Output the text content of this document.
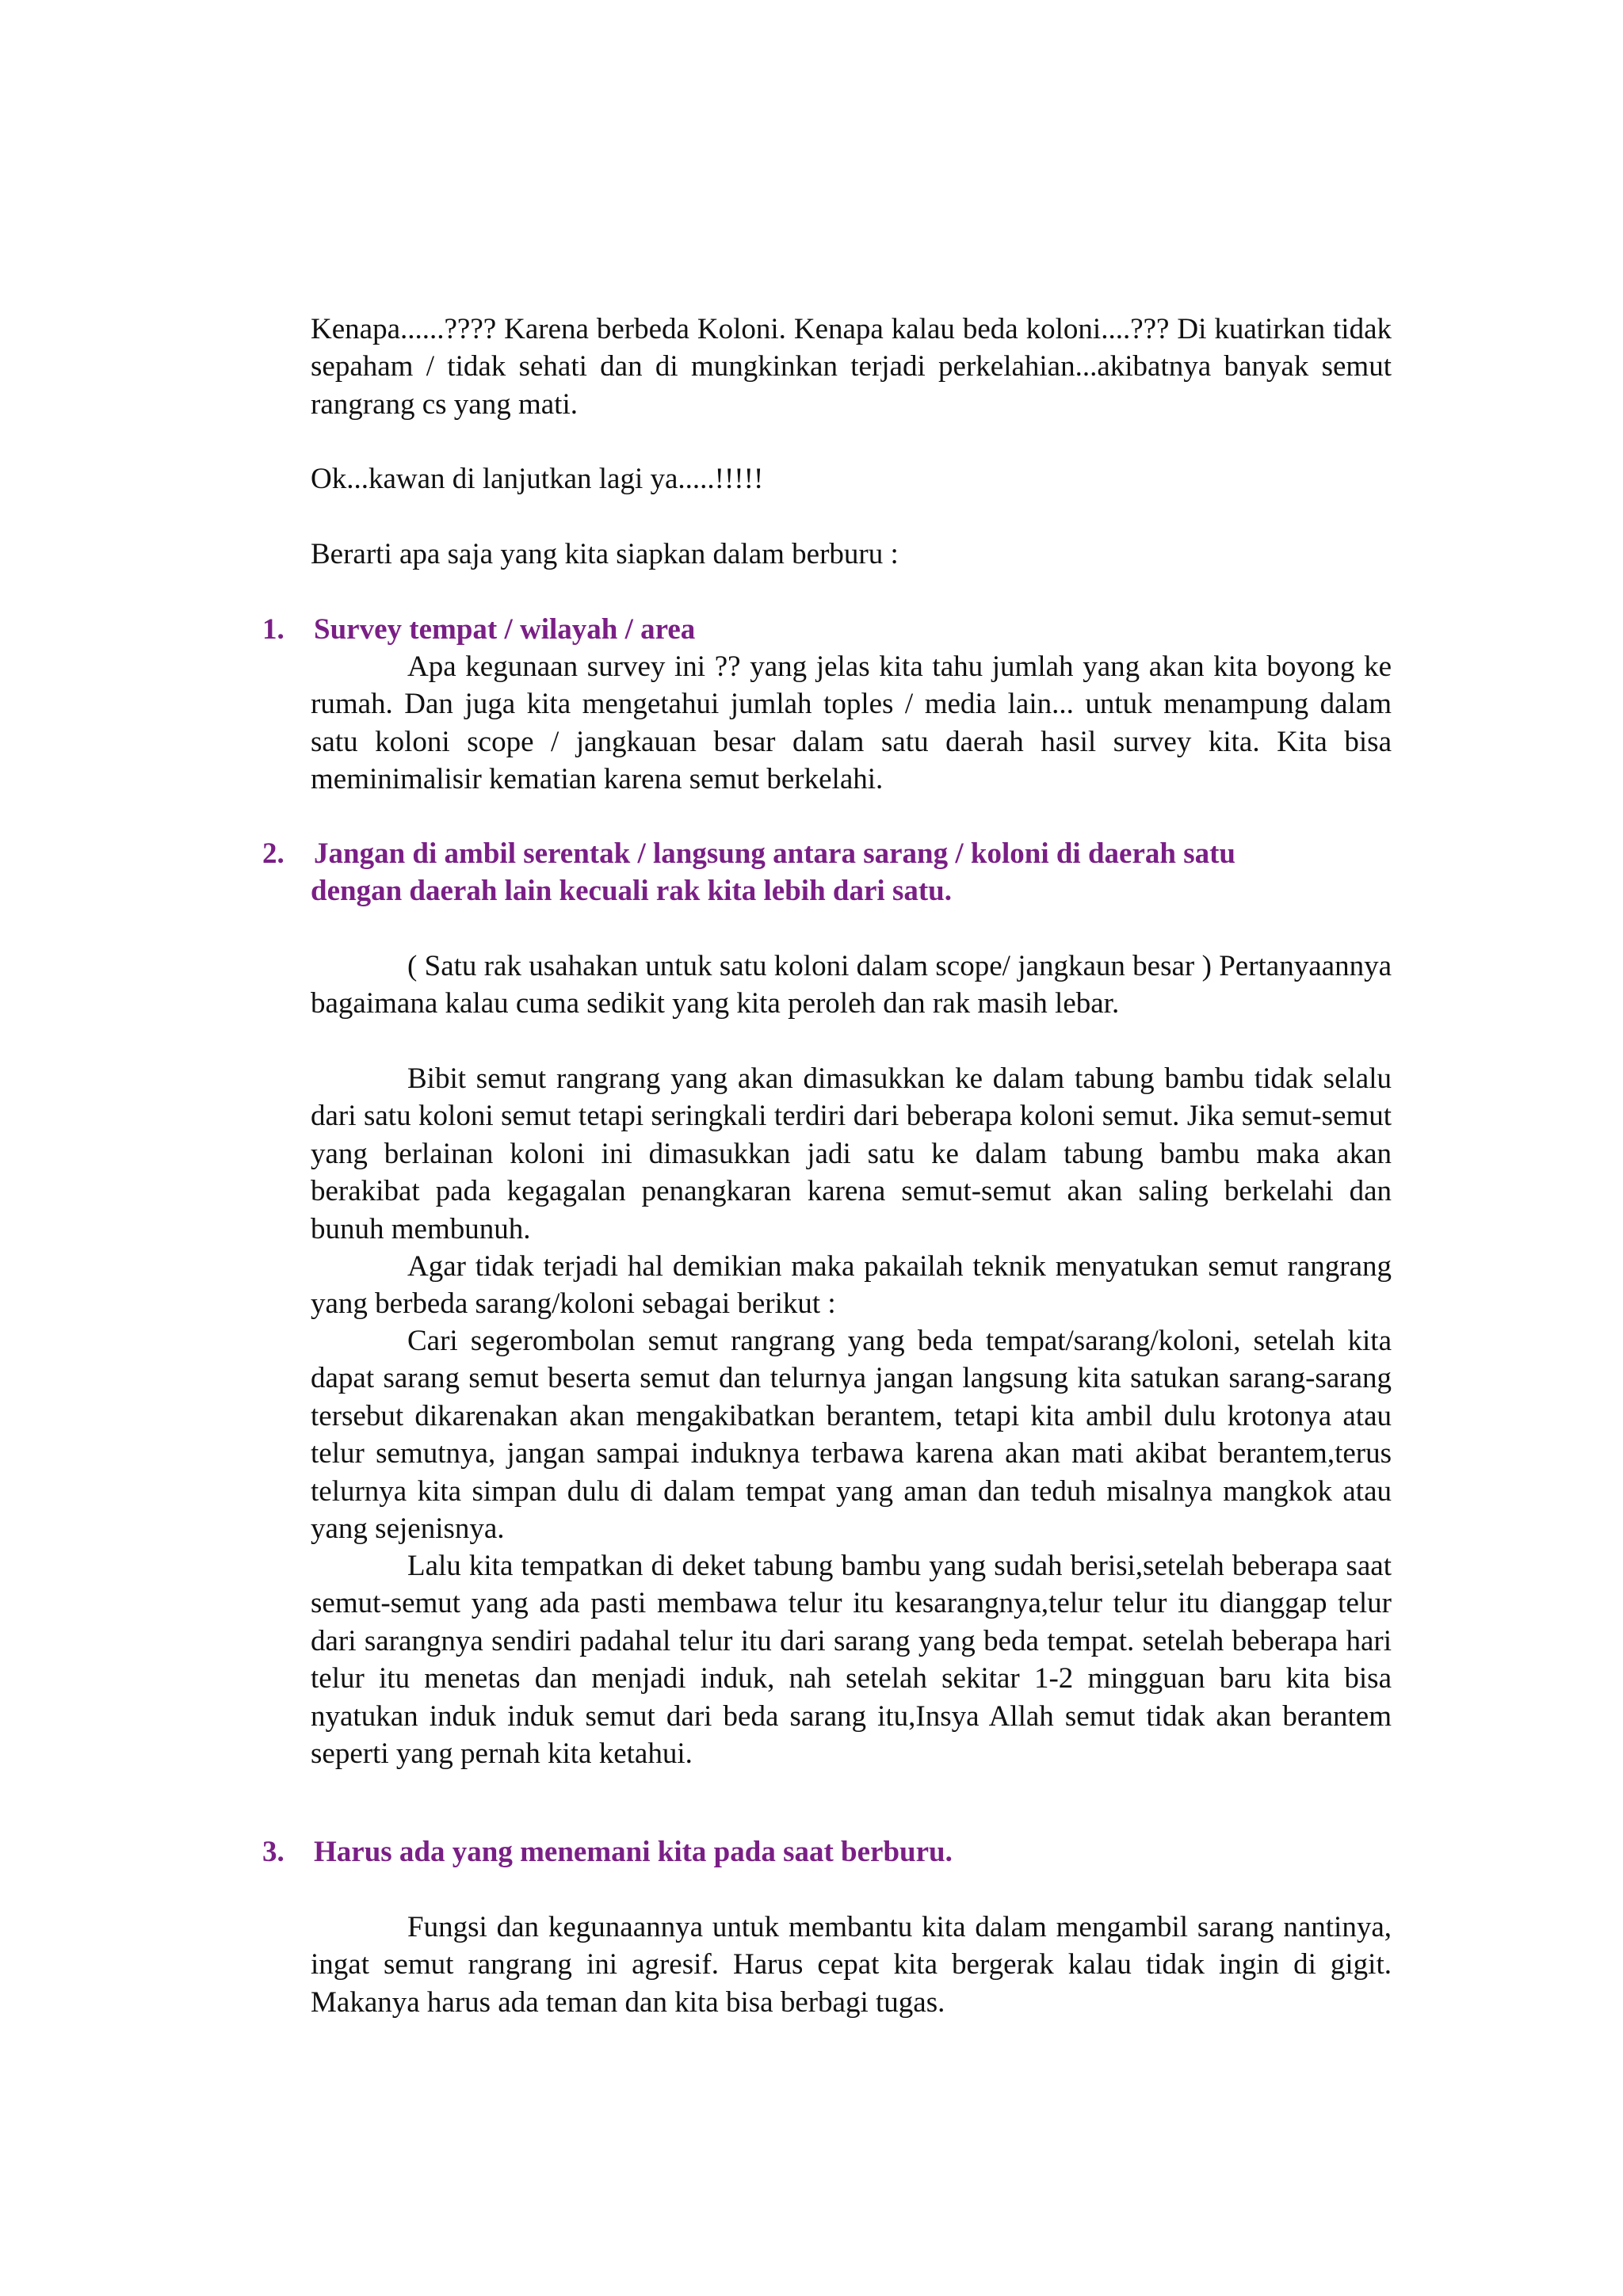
Kenapa......???? Karena berbeda Koloni. Kenapa kalau beda koloni....??? Di kuatirkan tidak sepaham / tidak sehati dan di mungkinkan terjadi perkelahian...akibatnya banyak semut rangrang cs yang mati.

Ok...kawan di lanjutkan lagi ya.....!!!!!

Berarti apa saja yang kita siapkan dalam berburu :

1. Survey tempat / wilayah / area

Apa kegunaan survey ini ?? yang jelas kita tahu jumlah yang akan kita boyong ke rumah. Dan juga kita mengetahui jumlah toples / media lain... untuk menampung dalam satu koloni scope / jangkauan besar dalam satu daerah hasil survey kita. Kita bisa meminimalisir kematian karena semut berkelahi.

2. Jangan di ambil serentak / langsung antara sarang / koloni di daerah satu
dengan daerah lain kecuali rak kita lebih dari satu.

( Satu rak usahakan untuk satu koloni dalam scope/ jangkaun besar ) Pertanyaannya bagaimana kalau cuma sedikit yang kita peroleh dan rak masih lebar.

Bibit semut rangrang yang akan dimasukkan ke dalam tabung bambu tidak selalu dari satu koloni semut tetapi seringkali terdiri dari beberapa koloni semut. Jika semut-semut yang berlainan koloni ini dimasukkan jadi satu ke dalam tabung bambu maka akan berakibat pada kegagalan penangkaran karena semut-semut akan saling berkelahi dan bunuh membunuh.

Agar tidak terjadi hal demikian maka pakailah teknik menyatukan semut rangrang yang berbeda sarang/koloni sebagai berikut :

Cari segerombolan semut rangrang yang beda tempat/sarang/koloni, setelah kita dapat sarang semut beserta semut dan telurnya jangan langsung kita satukan sarang-sarang tersebut dikarenakan akan mengakibatkan berantem, tetapi kita ambil dulu krotonya atau telur semutnya, jangan sampai induknya terbawa karena akan mati akibat berantem,terus telurnya kita simpan dulu di dalam tempat yang aman dan teduh misalnya mangkok atau yang sejenisnya.

Lalu kita tempatkan di deket tabung bambu yang sudah berisi,setelah beberapa saat semut-semut yang ada pasti membawa telur itu kesarangnya,telur telur itu dianggap telur dari sarangnya sendiri padahal telur itu dari sarang yang beda tempat. setelah beberapa hari telur itu menetas dan menjadi induk, nah setelah sekitar 1-2 mingguan baru kita bisa nyatukan induk induk semut dari beda sarang itu,Insya Allah semut tidak akan berantem seperti yang pernah kita ketahui.

3. Harus ada yang menemani kita pada saat berburu.

Fungsi dan kegunaannya untuk membantu kita dalam mengambil sarang nantinya, ingat semut rangrang ini agresif. Harus cepat kita bergerak kalau tidak ingin di gigit. Makanya harus ada teman dan kita bisa berbagi tugas.
